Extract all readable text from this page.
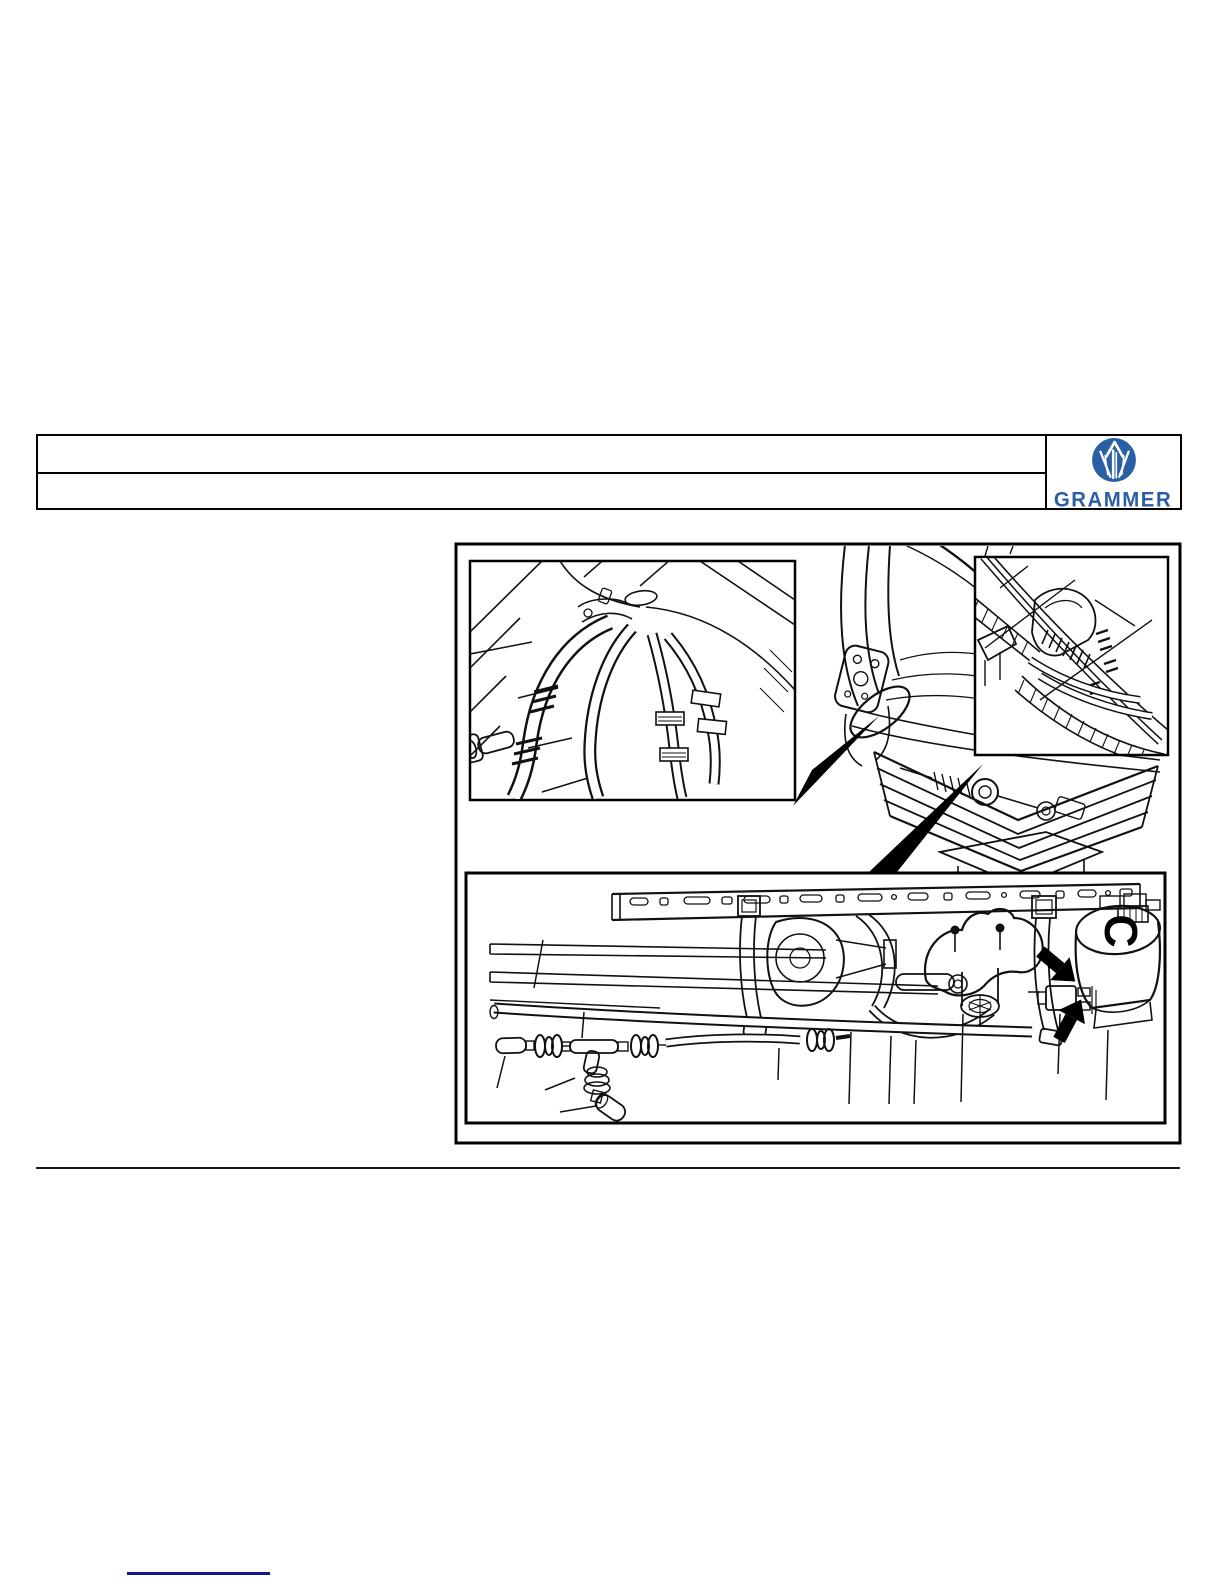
GRAMMER
C
